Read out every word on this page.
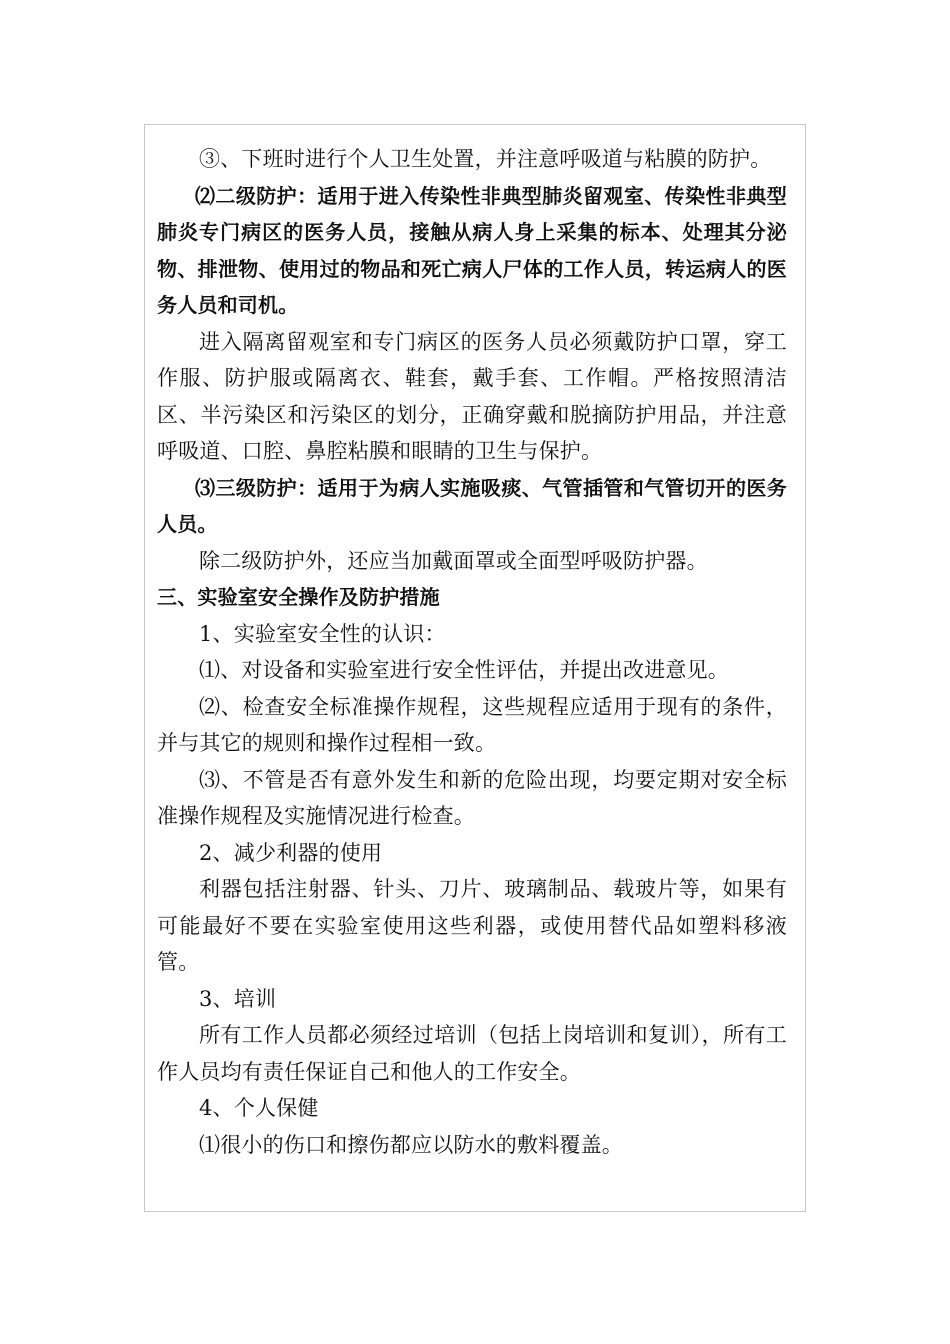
③、下班时进行个人卫生处置，并注意呼吸道与粘膜的防护。

⑵二级防护：适用于进入传染性非典型肺炎留观室、传染性非典型肺炎专门病区的医务人员，接触从病人身上采集的标本、处理其分泌物、排泄物、使用过的物品和死亡病人尸体的工作人员，转运病人的医务人员和司机。

进入隔离留观室和专门病区的医务人员必须戴防护口罩，穿工作服、防护服或隔离衣、鞋套，戴手套、工作帽。严格按照清洁区、半污染区和污染区的划分，正确穿戴和脱摘防护用品，并注意呼吸道、口腔、鼻腔粘膜和眼睛的卫生与保护。

⑶三级防护：适用于为病人实施吸痰、气管插管和气管切开的医务人员。

除二级防护外，还应当加戴面罩或全面型呼吸防护器。

三、实验室安全操作及防护措施

1、实验室安全性的认识：

⑴、对设备和实验室进行安全性评估，并提出改进意见。

⑵、检查安全标准操作规程，这些规程应适用于现有的条件，并与其它的规则和操作过程相一致。

⑶、不管是否有意外发生和新的危险出现，均要定期对安全标准操作规程及实施情况进行检查。

2、减少利器的使用

利器包括注射器、针头、刀片、玻璃制品、载玻片等，如果有可能最好不要在实验室使用这些利器，或使用替代品如塑料移液管。

3、培训

所有工作人员都必须经过培训（包括上岗培训和复训），所有工作人员均有责任保证自己和他人的工作安全。

4、个人保健

⑴很小的伤口和擦伤都应以防水的敷料覆盖。
